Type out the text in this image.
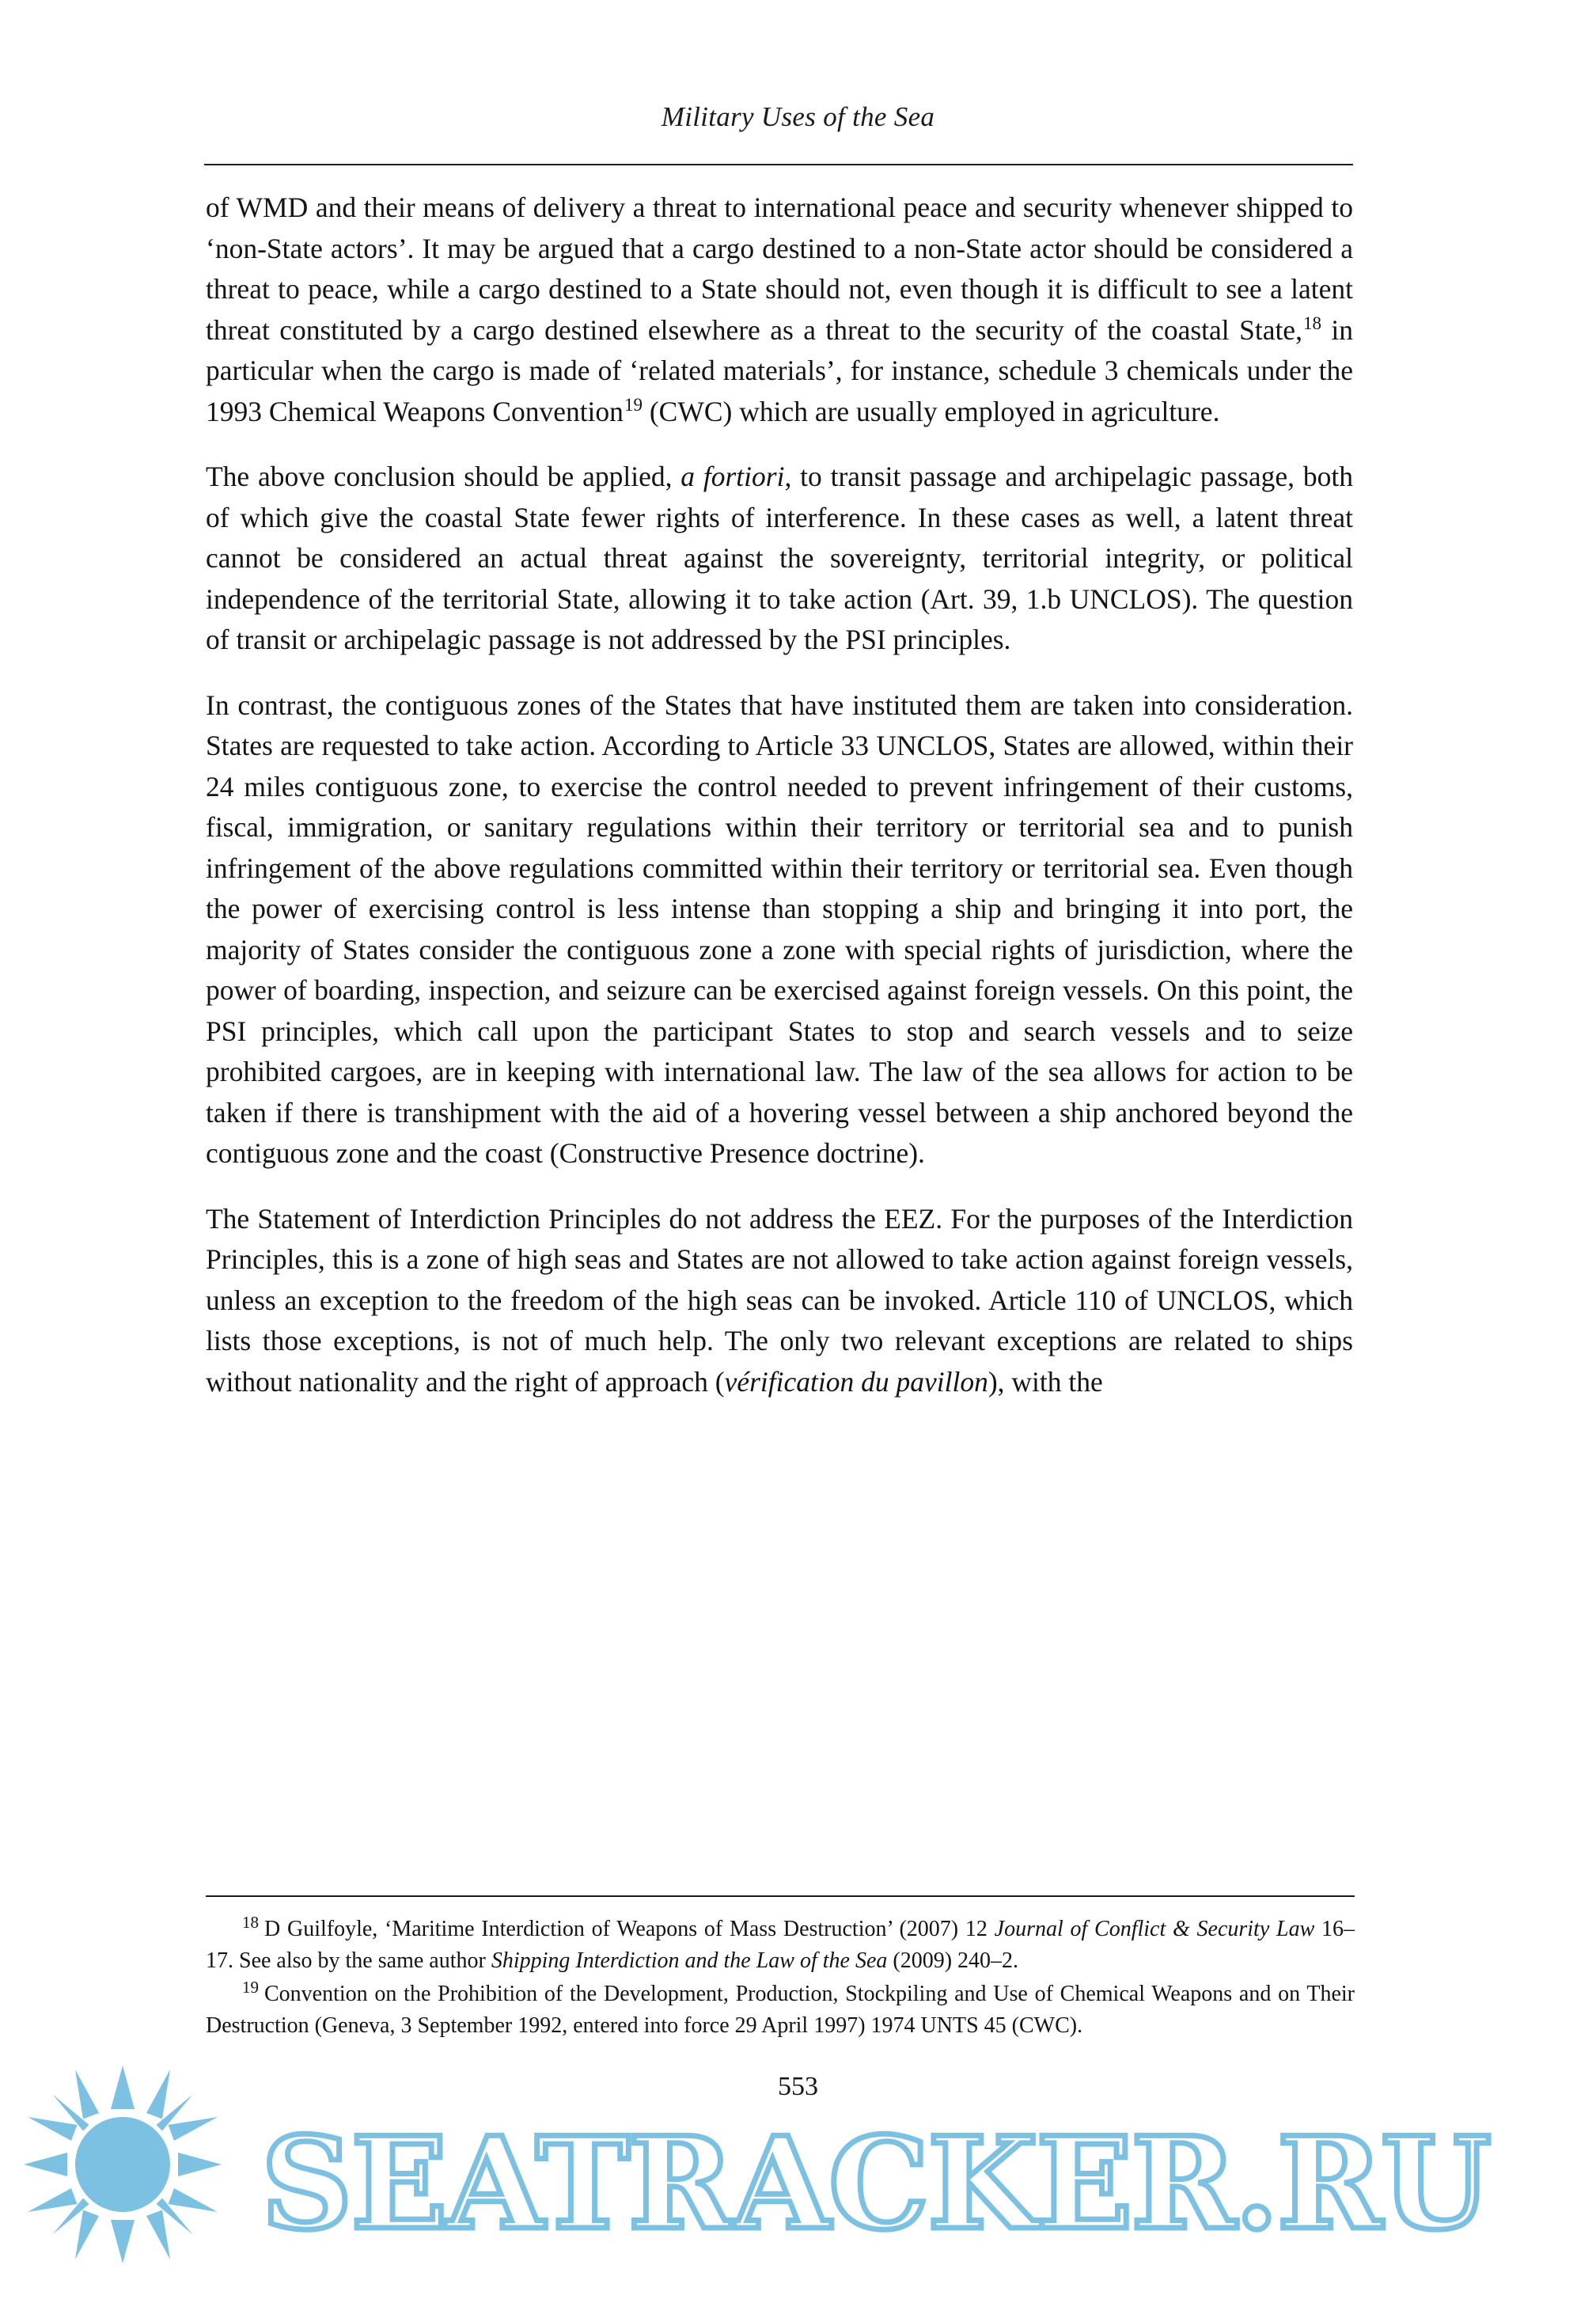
Military Uses of the Sea

of WMD and their means of delivery a threat to international peace and security whenever shipped to ‘non-State actors’. It may be argued that a cargo destined to a non-State actor should be considered a threat to peace, while a cargo destined to a State should not, even though it is difficult to see a latent threat constituted by a cargo destined elsewhere as a threat to the security of the coastal State,$^{18}$ in particular when the cargo is made of ‘related materials’, for instance, schedule 3 chemicals under the 1993 Chemical Weapons Convention$^{19}$ (CWC) which are usually employed in agriculture.

The above conclusion should be applied, a fortiori, to transit passage and archipelagic passage, both of which give the coastal State fewer rights of interference. In these cases as well, a latent threat cannot be considered an actual threat against the sovereignty, territorial integrity, or political independence of the territorial State, allowing it to take action (Art. 39, 1.b UNCLOS). The question of transit or archipelagic passage is not addressed by the PSI principles.

In contrast, the contiguous zones of the States that have instituted them are taken into consideration. States are requested to take action. According to Article 33 UNCLOS, States are allowed, within their 24 miles contiguous zone, to exercise the control needed to prevent infringement of their customs, fiscal, immigration, or sanitary regulations within their territory or territorial sea and to punish infringement of the above regulations committed within their territory or territorial sea. Even though the power of exercising control is less intense than stopping a ship and bringing it into port, the majority of States consider the contiguous zone a zone with special rights of jurisdiction, where the power of boarding, inspection, and seizure can be exercised against foreign vessels. On this point, the PSI principles, which call upon the participant States to stop and search vessels and to seize prohibited cargoes, are in keeping with international law. The law of the sea allows for action to be taken if there is transhipment with the aid of a hovering vessel between a ship anchored beyond the contiguous zone and the coast (Constructive Presence doctrine).

The Statement of Interdiction Principles do not address the EEZ. For the purposes of the Interdiction Principles, this is a zone of high seas and States are not allowed to take action against foreign vessels, unless an exception to the freedom of the high seas can be invoked. Article 110 of UNCLOS, which lists those exceptions, is not of much help. The only two relevant exceptions are related to ships without nationality and the right of approach (vérification du pavillon), with the

$^{18}$ D Guilfoyle, ‘Maritime Interdiction of Weapons of Mass Destruction’ (2007) 12 Journal of Conflict & Security Law 16–17. See also by the same author Shipping Interdiction and the Law of the Sea (2009) 240–2.

$^{19}$ Convention on the Prohibition of the Development, Production, Stockpiling and Use of Chemical Weapons and on Their Destruction (Geneva, 3 September 1992, entered into force 29 April 1997) 1974 UNTS 45 (CWC).

553
SEATRACKER.RU
